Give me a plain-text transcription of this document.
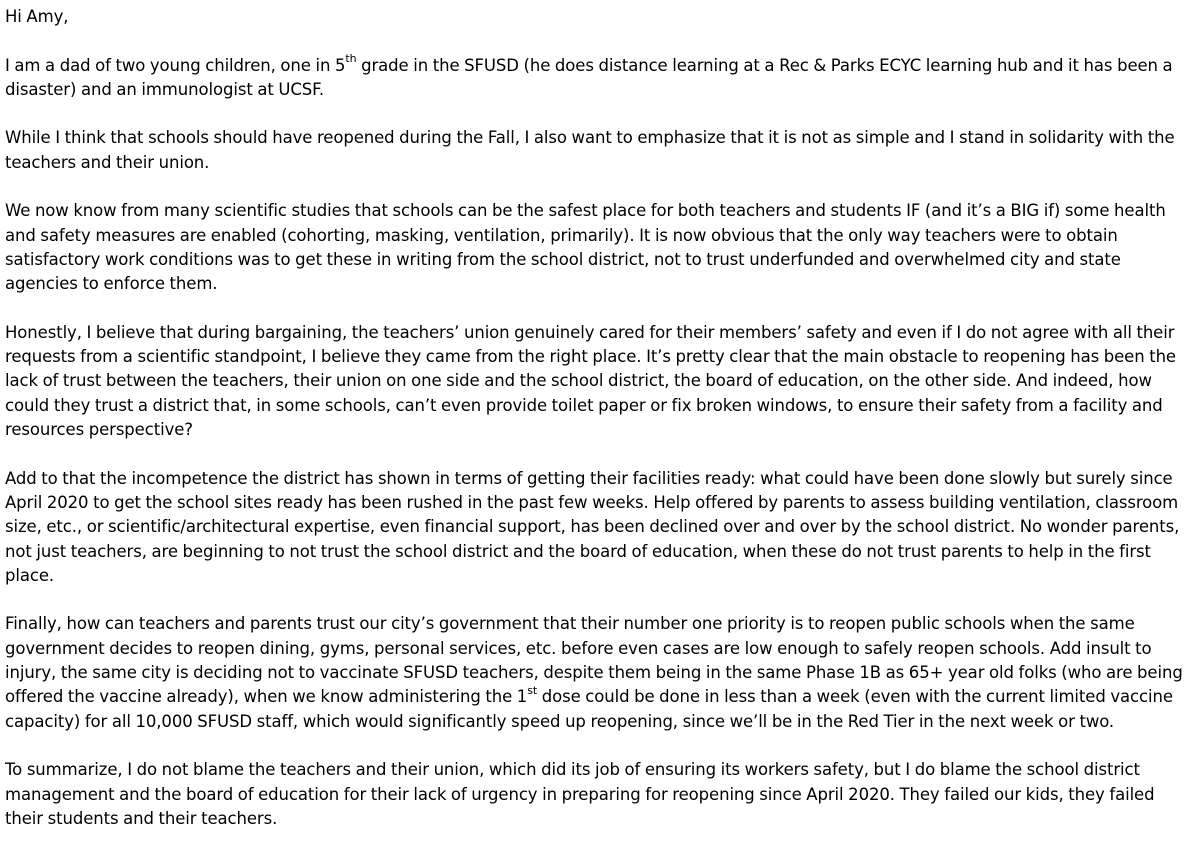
Hi Amy,

I am a dad of two young children, one in 5th grade in the SFUSD (he does distance learning at a Rec & Parks ECYC learning hub and it has been a disaster) and an immunologist at UCSF.

While I think that schools should have reopened during the Fall, I also want to emphasize that it is not as simple and I stand in solidarity with the teachers and their union.

We now know from many scientific studies that schools can be the safest place for both teachers and students IF (and it’s a BIG if) some health and safety measures are enabled (cohorting, masking, ventilation, primarily). It is now obvious that the only way teachers were to obtain satisfactory work conditions was to get these in writing from the school district, not to trust underfunded and overwhelmed city and state agencies to enforce them.

Honestly, I believe that during bargaining, the teachers’ union genuinely cared for their members’ safety and even if I do not agree with all their requests from a scientific standpoint, I believe they came from the right place. It’s pretty clear that the main obstacle to reopening has been the lack of trust between the teachers, their union on one side and the school district, the board of education, on the other side. And indeed, how could they trust a district that, in some schools, can’t even provide toilet paper or fix broken windows, to ensure their safety from a facility and resources perspective?

Add to that the incompetence the district has shown in terms of getting their facilities ready: what could have been done slowly but surely since April 2020 to get the school sites ready has been rushed in the past few weeks. Help offered by parents to assess building ventilation, classroom size, etc., or scientific/architectural expertise, even financial support, has been declined over and over by the school district. No wonder parents, not just teachers, are beginning to not trust the school district and the board of education, when these do not trust parents to help in the first place.

Finally, how can teachers and parents trust our city’s government that their number one priority is to reopen public schools when the same government decides to reopen dining, gyms, personal services, etc. before even cases are low enough to safely reopen schools. Add insult to injury, the same city is deciding not to vaccinate SFUSD teachers, despite them being in the same Phase 1B as 65+ year old folks (who are being offered the vaccine already), when we know administering the 1st dose could be done in less than a week (even with the current limited vaccine capacity) for all 10,000 SFUSD staff, which would significantly speed up reopening, since we’ll be in the Red Tier in the next week or two.

To summarize, I do not blame the teachers and their union, which did its job of ensuring its workers safety, but I do blame the school district management and the board of education for their lack of urgency in preparing for reopening since April 2020. They failed our kids, they failed their students and their teachers.
